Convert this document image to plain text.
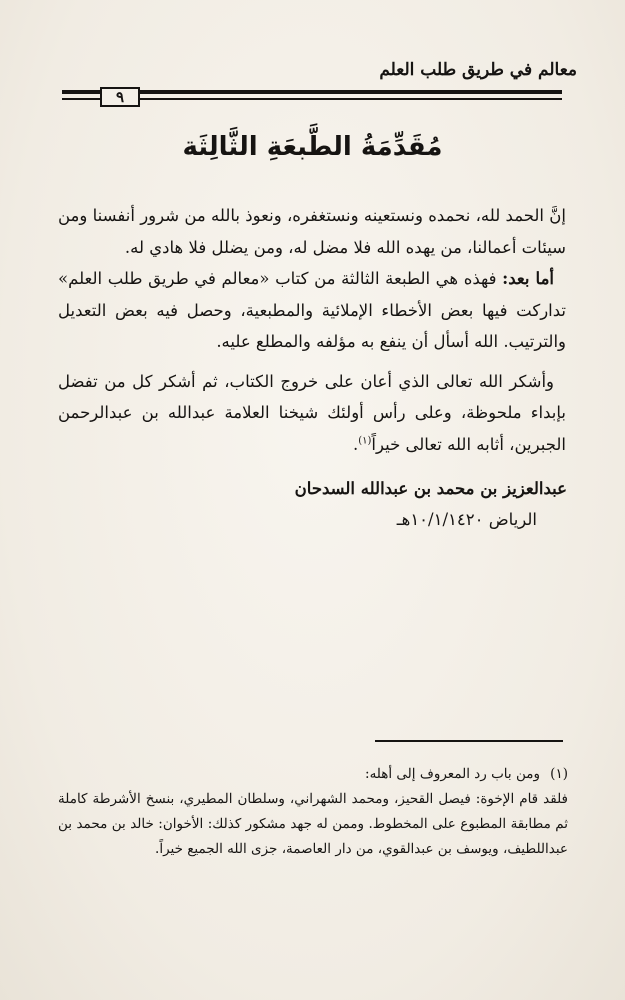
معالم في طريق طلب العلم
٩
مُقَدِّمَةُ الطَّبعَةِ الثَّالِثَة

إنَّ الحمد لله، نحمده ونستعينه ونستغفره، ونعوذ بالله من شرور أنفسنا ومن سيئات أعمالنا، من يهده الله فلا مضل له، ومن يضلل فلا هادي له.

أما بعد: فهذه هي الطبعة الثالثة من كتاب «معالم في طريق طلب العلم» تداركت فيها بعض الأخطاء الإملائية والمطبعية، وحصل فيه بعض التعديل والترتيب. الله أسأل أن ينفع به مؤلفه والمطلع عليه.

وأشكر الله تعالى الذي أعان على خروج الكتاب، ثم أشكر كل من تفضل بإبداء ملحوظة، وعلى رأس أولئك شيخنا العلامة عبدالله بن عبدالرحمن الجبرين، أثابه الله تعالى خيراً$^{(١)}$.

عبدالعزيز بن محمد بن عبدالله السدحان
الرياض ١٠/١/١٤٢٠هـ

(١)ومن باب رد المعروف إلى أهله:

فلقد قام الإخوة: فيصل القحيز، ومحمد الشهراني، وسلطان المطيري، بنسخ الأشرطة كاملة ثم مطابقة المطبوع على المخطوط. وممن له جهد مشكور كذلك: الأخوان: خالد بن محمد بن عبداللطيف، ويوسف بن عبدالقوي، من دار العاصمة، جزى الله الجميع خيراً.
